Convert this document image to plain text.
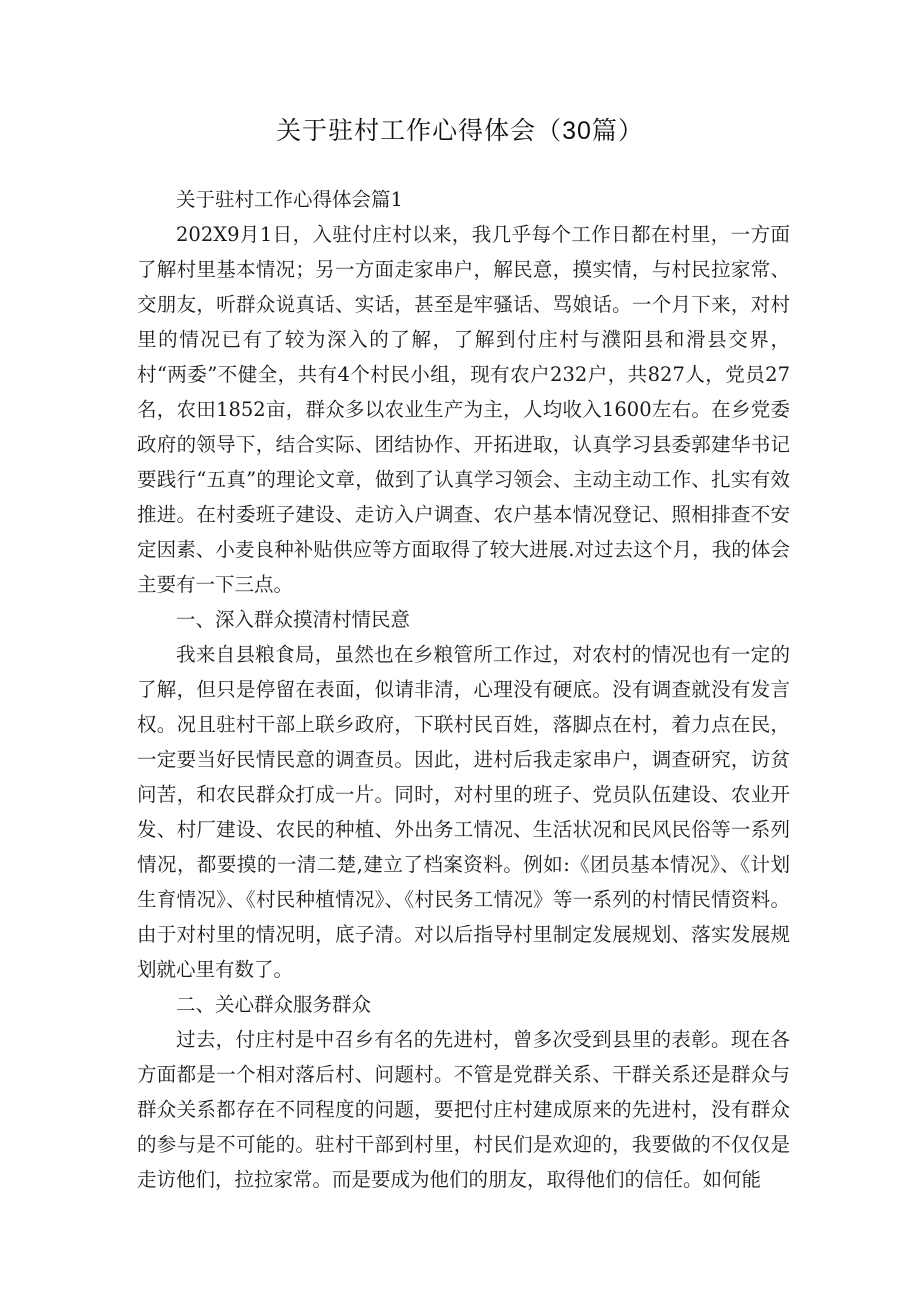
关于驻村工作心得体会（30篇）

关于驻村工作心得体会篇1

202X9月1日，入驻付庄村以来，我几乎每个工作日都在村里，一方面了解村里基本情况；另一方面走家串户，解民意，摸实情，与村民拉家常、交朋友，听群众说真话、实话，甚至是牢骚话、骂娘话。一个月下来，对村里的情况已有了较为深入的了解，了解到付庄村与濮阳县和滑县交界，村“两委”不健全，共有4个村民小组，现有农户232户，共827人，党员27名，农田1852亩，群众多以农业生产为主，人均收入1600左右。在乡党委政府的领导下，结合实际、团结协作、开拓进取，认真学习县委郭建华书记要践行“五真”的理论文章，做到了认真学习领会、主动主动工作、扎实有效推进。在村委班子建设、走访入户调查、农户基本情况登记、照相排查不安定因素、小麦良种补贴供应等方面取得了较大进展.对过去这个月，我的体会主要有一下三点。

一、深入群众摸清村情民意

我来自县粮食局，虽然也在乡粮管所工作过，对农村的情况也有一定的了解，但只是停留在表面，似请非清，心理没有硬底。没有调查就没有发言权。况且驻村干部上联乡政府，下联村民百姓，落脚点在村，着力点在民，一定要当好民情民意的调查员。因此，进村后我走家串户，调查研究，访贫问苦，和农民群众打成一片。同时，对村里的班子、党员队伍建设、农业开发、村厂建设、农民的种植、外出务工情况、生活状况和民风民俗等一系列情况，都要摸的一清二楚,建立了档案资料。例如:《团员基本情况》、《计划生育情况》、《村民种植情况》、《村民务工情况》等一系列的村情民情资料。由于对村里的情况明，底子清。对以后指导村里制定发展规划、落实发展规划就心里有数了。

二、关心群众服务群众

过去，付庄村是中召乡有名的先进村，曾多次受到县里的表彰。现在各方面都是一个相对落后村、问题村。不管是党群关系、干群关系还是群众与群众关系都存在不同程度的问题，要把付庄村建成原来的先进村，没有群众的参与是不可能的。驻村干部到村里，村民们是欢迎的，我要做的不仅仅是走访他们，拉拉家常。而是要成为他们的朋友，取得他们的信任。如何能
